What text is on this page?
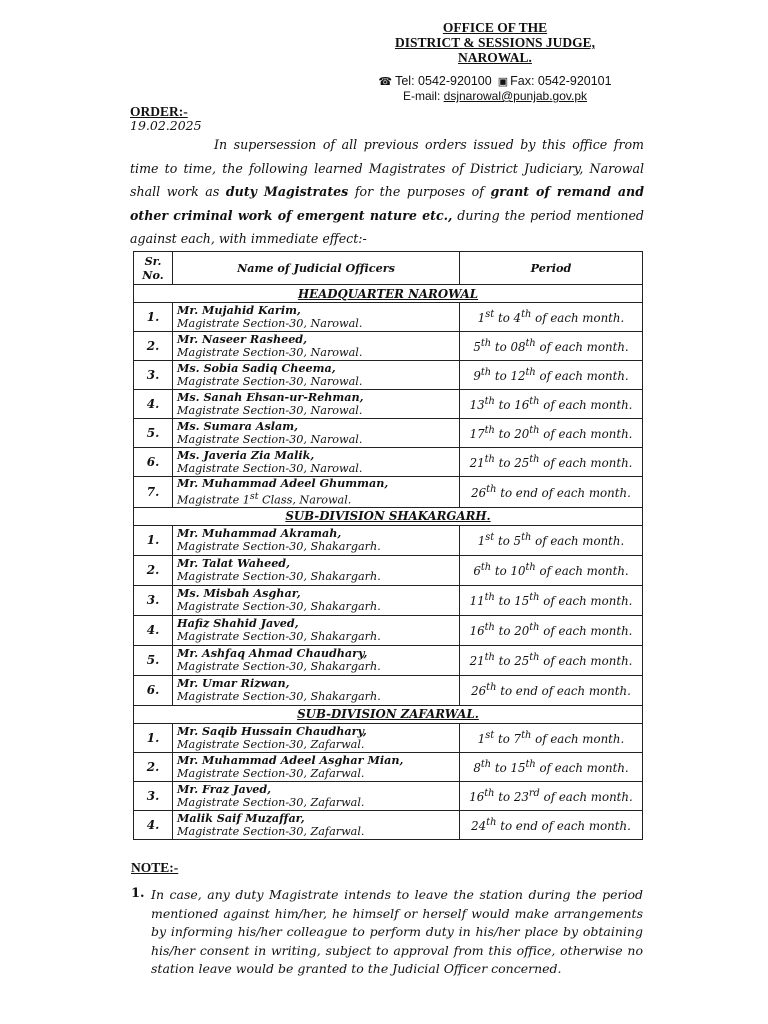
OFFICE OF THE
DISTRICT & SESSIONS JUDGE,
NAROWAL.
☎ Tel: 0542-920100 ▣ Fax: 0542-920101
E-mail: dsjnarowal@punjab.gov.pk
ORDER:-
19.02.2025
In supersession of all previous orders issued by this office from time to time, the following learned Magistrates of District Judiciary, Narowal shall work as duty Magistrates for the purposes of grant of remand and other criminal work of emergent nature etc., during the period mentioned against each, with immediate effect:-
Sr.
No.	Name of Judicial Officers	Period
HEADQUARTER NAROWAL		
1.	Mr. Mujahid Karim,
Magistrate Section-30, Narowal.	1st to 4th of each month.
2.	Mr. Naseer Rasheed,
Magistrate Section-30, Narowal.	5th to 08th of each month.
3.	Ms. Sobia Sadiq Cheema,
Magistrate Section-30, Narowal.	9th to 12th of each month.
4.	Ms. Sanah Ehsan-ur-Rehman,
Magistrate Section-30, Narowal.	13th to 16th of each month.
5.	Ms. Sumara Aslam,
Magistrate Section-30, Narowal.	17th to 20th of each month.
6.	Ms. Javeria Zia Malik,
Magistrate Section-30, Narowal.	21th to 25th of each month.
7.	Mr. Muhammad Adeel Ghumman,
Magistrate 1st Class, Narowal.	26th to end of each month.
SUB-DIVISION SHAKARGARH.		
1.	Mr. Muhammad Akramah,
Magistrate Section-30, Shakargarh.	1st to 5th of each month.
2.	Mr. Talat Waheed,
Magistrate Section-30, Shakargarh.	6th to 10th of each month.
3.	Ms. Misbah Asghar,
Magistrate Section-30, Shakargarh.	11th to 15th of each month.
4.	Hafiz Shahid Javed,
Magistrate Section-30, Shakargarh.	16th to 20th of each month.
5.	Mr. Ashfaq Ahmad Chaudhary,
Magistrate Section-30, Shakargarh.	21th to 25th of each month.
6.	Mr. Umar Rizwan,
Magistrate Section-30, Shakargarh.	26th to end of each month.
SUB-DIVISION ZAFARWAL.		
1.	Mr. Saqib Hussain Chaudhary,
Magistrate Section-30, Zafarwal.	1st to 7th of each month.
2.	Mr. Muhammad Adeel Asghar Mian,
Magistrate Section-30, Zafarwal.	8th to 15th of each month.
3.	Mr. Fraz Javed,
Magistrate Section-30, Zafarwal.	16th to 23rd of each month.
4.	Malik Saif Muzaffar,
Magistrate Section-30, Zafarwal.	24th to end of each month.
NOTE:-
1. In case, any duty Magistrate intends to leave the station during the period mentioned against him/her, he himself or herself would make arrangements by informing his/her colleague to perform duty in his/her place by obtaining his/her consent in writing, subject to approval from this office, otherwise no station leave would be granted to the Judicial Officer concerned.
